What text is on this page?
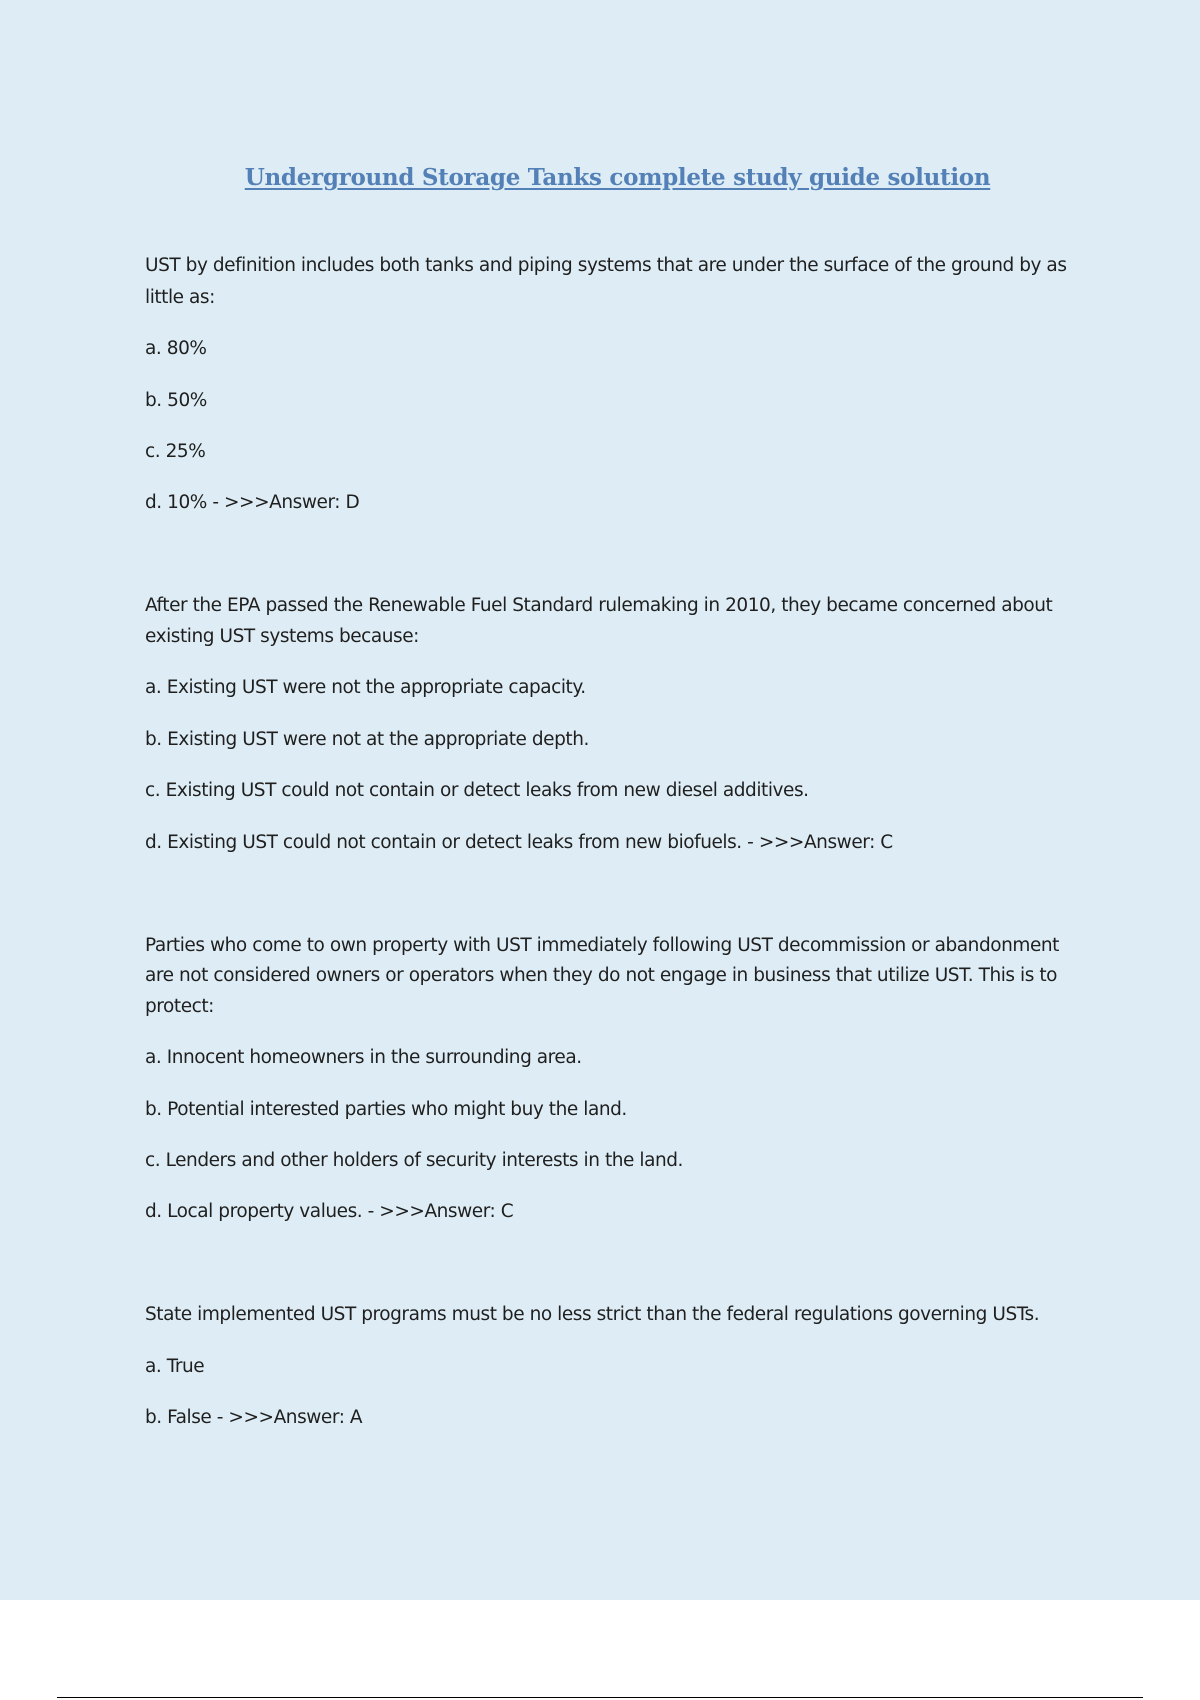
Underground Storage Tanks complete study guide solution
UST by definition includes both tanks and piping systems that are under the surface of the ground by as
little as:
a. 80%
b. 50%
c. 25%
d. 10% - >>>Answer: D
After the EPA passed the Renewable Fuel Standard rulemaking in 2010, they became concerned about
existing UST systems because:
a. Existing UST were not the appropriate capacity.
b. Existing UST were not at the appropriate depth.
c. Existing UST could not contain or detect leaks from new diesel additives.
d. Existing UST could not contain or detect leaks from new biofuels. - >>>Answer: C
Parties who come to own property with UST immediately following UST decommission or abandonment
are not considered owners or operators when they do not engage in business that utilize UST. This is to
protect:
a. Innocent homeowners in the surrounding area.
b. Potential interested parties who might buy the land.
c. Lenders and other holders of security interests in the land.
d. Local property values. - >>>Answer: C
State implemented UST programs must be no less strict than the federal regulations governing USTs.
a. True
b. False - >>>Answer: A
